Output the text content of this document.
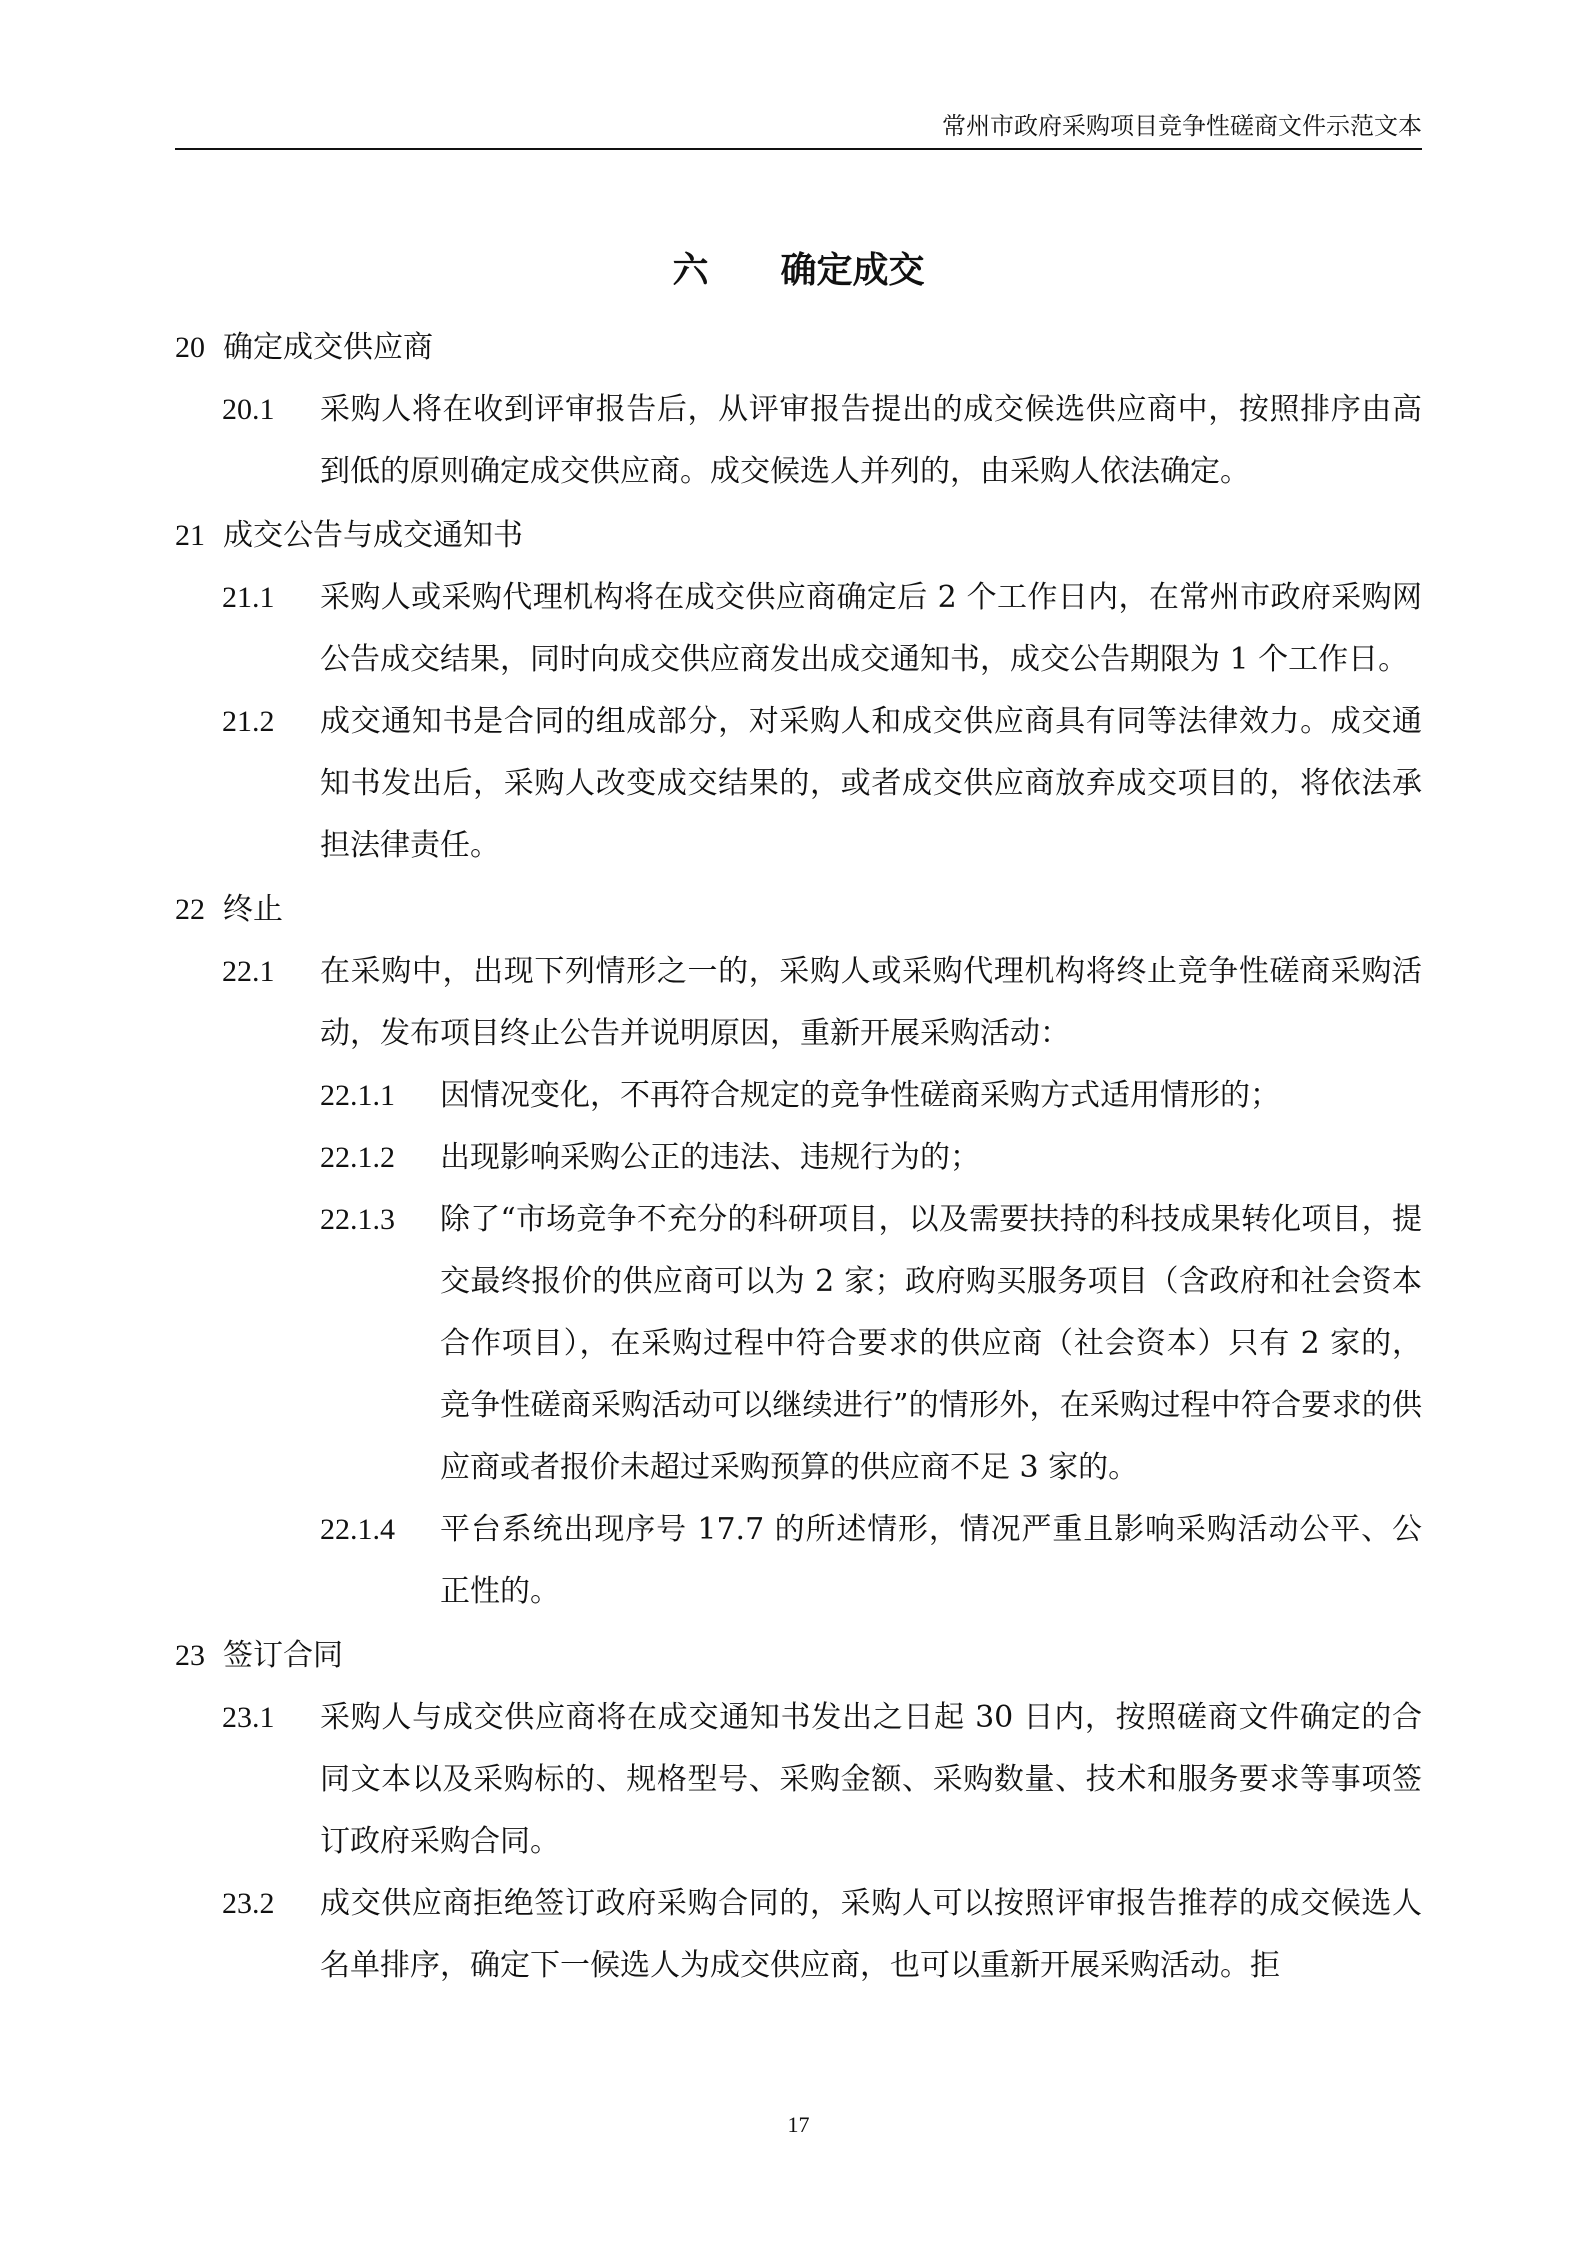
常州市政府采购项目竞争性磋商文件示范文本
六　　确定成交
20 确定成交供应商
20.1	采购人将在收到评审报告后，从评审报告提出的成交候选供应商中，按照排序由高到低的原则确定成交供应商。成交候选人并列的，由采购人依法确定。
21 成交公告与成交通知书
21.1	采购人或采购代理机构将在成交供应商确定后 2 个工作日内，在常州市政府采购网公告成交结果，同时向成交供应商发出成交通知书，成交公告期限为 1 个工作日。
21.2	成交通知书是合同的组成部分，对采购人和成交供应商具有同等法律效力。成交通知书发出后，采购人改变成交结果的，或者成交供应商放弃成交项目的，将依法承担法律责任。
22 终止
22.1	在采购中，出现下列情形之一的，采购人或采购代理机构将终止竞争性磋商采购活动，发布项目终止公告并说明原因，重新开展采购活动：
22.1.1	因情况变化，不再符合规定的竞争性磋商采购方式适用情形的；
22.1.2	出现影响采购公正的违法、违规行为的；
22.1.3	除了“市场竞争不充分的科研项目，以及需要扶持的科技成果转化项目，提交最终报价的供应商可以为 2 家；政府购买服务项目（含政府和社会资本合作项目），在采购过程中符合要求的供应商（社会资本）只有 2 家的，竞争性磋商采购活动可以继续进行”的情形外，在采购过程中符合要求的供应商或者报价未超过采购预算的供应商不足 3 家的。
22.1.4	平台系统出现序号 17.7 的所述情形，情况严重且影响采购活动公平、公正性的。
23 签订合同
23.1	采购人与成交供应商将在成交通知书发出之日起 30 日内，按照磋商文件确定的合同文本以及采购标的、规格型号、采购金额、采购数量、技术和服务要求等事项签订政府采购合同。
23.2	成交供应商拒绝签订政府采购合同的，采购人可以按照评审报告推荐的成交候选人名单排序，确定下一候选人为成交供应商，也可以重新开展采购活动。拒
17
